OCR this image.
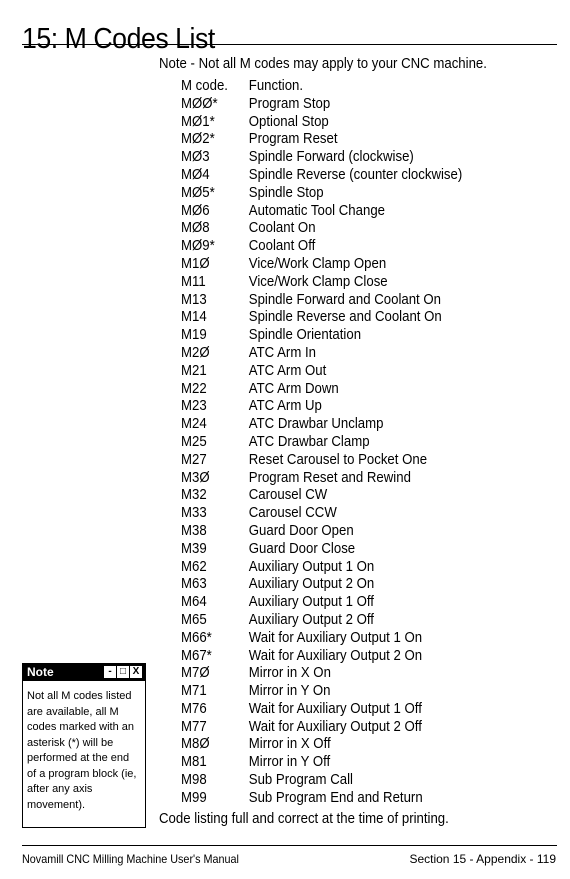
15: M Codes List
Note - Not all M codes may apply to your CNC machine.
M code. Function.
MØØ* Program Stop
MØ1* Optional Stop
MØ2* Program Reset
MØ3	Spindle Forward (clockwise)
MØ4	Spindle Reverse (counter clockwise)
MØ5* Spindle Stop
MØ6	Automatic Tool Change
MØ8	Coolant On
MØ9* Coolant Off
M1Ø	Vice/Work Clamp Open
M11	Vice/Work Clamp Close
M13	Spindle Forward and Coolant On
M14	Spindle Reverse and Coolant On
M19	Spindle Orientation
M2Ø	ATC Arm In
M21	ATC Arm Out
M22	ATC Arm Down
M23	ATC Arm Up
M24	ATC Drawbar Unclamp
M25	ATC Drawbar Clamp
M27	Reset Carousel to Pocket One
M3Ø	Program Reset and Rewind
M32	Carousel CW
M33	Carousel CCW
M38	Guard Door Open
M39	Guard Door Close
M62	Auxiliary Output 1 On
M63	Auxiliary Output 2 On
M64	Auxiliary Output 1 Off
M65	Auxiliary Output 2 Off
M66* Wait for Auxiliary Output 1 On
M67* Wait for Auxiliary Output 2 On
M7Ø	Mirror in X On
M71	Mirror in Y On
M76	Wait for Auxiliary Output 1 Off
M77	Wait for Auxiliary Output 2 Off
M8Ø	Mirror in X Off
M81	Mirror in Y Off
M98	Sub Program Call
M99	Sub Program End and Return
Code listing full and correct at the time of printing.
Note	- □ X
Not all M codes listed are available, all M codes marked with an asterisk (*) will be performed at the end of a program block (ie, after any axis movement).
Novamill CNC Milling Machine User's Manual	Section 15 - Appendix - 119
